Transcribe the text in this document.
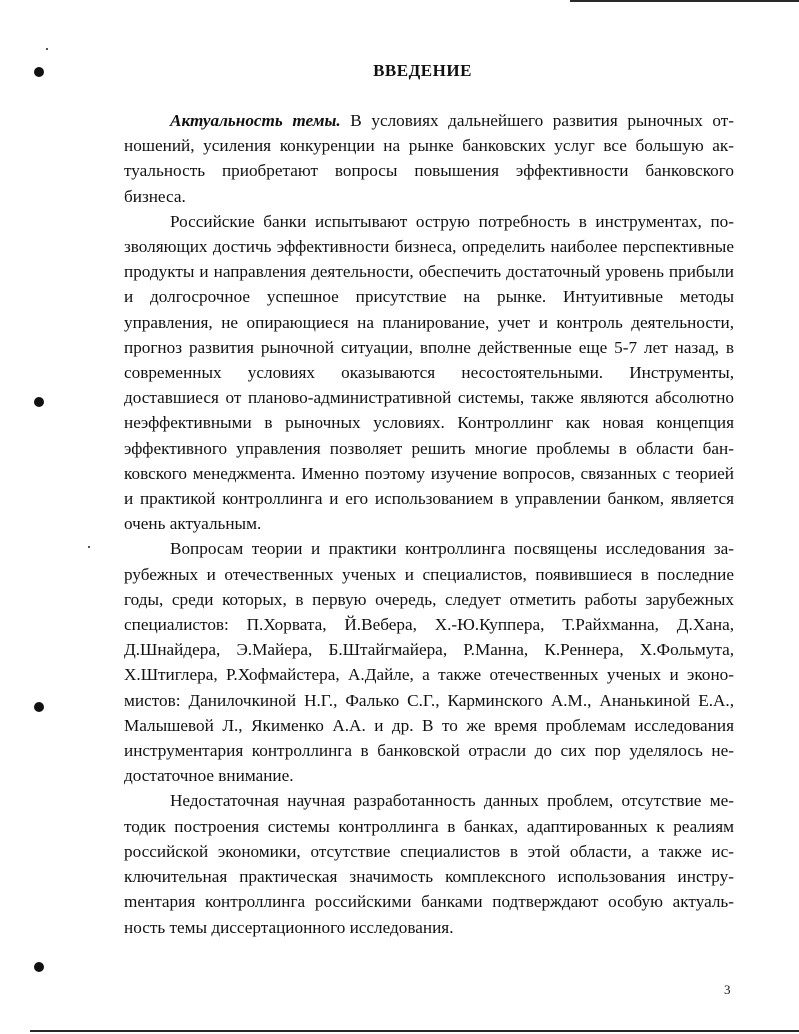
ВВЕДЕНИЕ

Актуальность темы. В условиях дальнейшего развития рыночных отношений, усиления конкуренции на рынке банковских услуг все большую актуальность приобретают вопросы повышения эффективности банковского бизнеса.

Российские банки испытывают острую потребность в инструментах, позволяющих достичь эффективности бизнеса, определить наиболее перспективные продукты и направления деятельности, обеспечить достаточный уровень прибыли и долгосрочное успешное присутствие на рынке. Интуитивные методы управления, не опирающиеся на планирование, учет и контроль деятельности, прогноз развития рыночной ситуации, вполне действенные еще 5-7 лет назад, в современных условиях оказываются несостоятельными. Инструменты, доставшиеся от планово-административной системы, также являются абсолютно неэффективными в рыночных условиях. Контроллинг как новая концепция эффективного управления позволяет решить многие проблемы в области банковского менеджмента. Именно поэтому изучение вопросов, связанных с теорией и практикой контроллинга и его использованием в управлении банком, является очень актуальным.

Вопросам теории и практики контроллинга посвящены исследования зарубежных и отечественных ученых и специалистов, появившиеся в последние годы, среди которых, в первую очередь, следует отметить работы зарубежных специалистов: П.Хорвата, Й.Вебера, Х.-Ю.Куппера, Т.Райхманна, Д.Хана, Д.Шнайдера, Э.Майера, Б.Штайгмайера, Р.Манна, К.Реннера, Х.Фольмута, Х.Штиглера, Р.Хофмайстера, А.Дайле, а также отечественных ученых и экономистов: Данилочкиной Н.Г., Фалько С.Г., Карминского А.М., Ананькиной Е.А., Малышевой Л., Якименко А.А. и др. В то же время проблемам исследования инструментария контроллинга в банковской отрасли до сих пор уделялось недостаточное внимание.

Недостаточная научная разработанность данных проблем, отсутствие методик построения системы контроллинга в банках, адаптированных к реалиям российской экономики, отсутствие специалистов в этой области, а также исключительная практическая значимость комплексного использования инструmентария контроллинга российскими банками подтверждают особую актуальность темы диссертационного исследования.

3
